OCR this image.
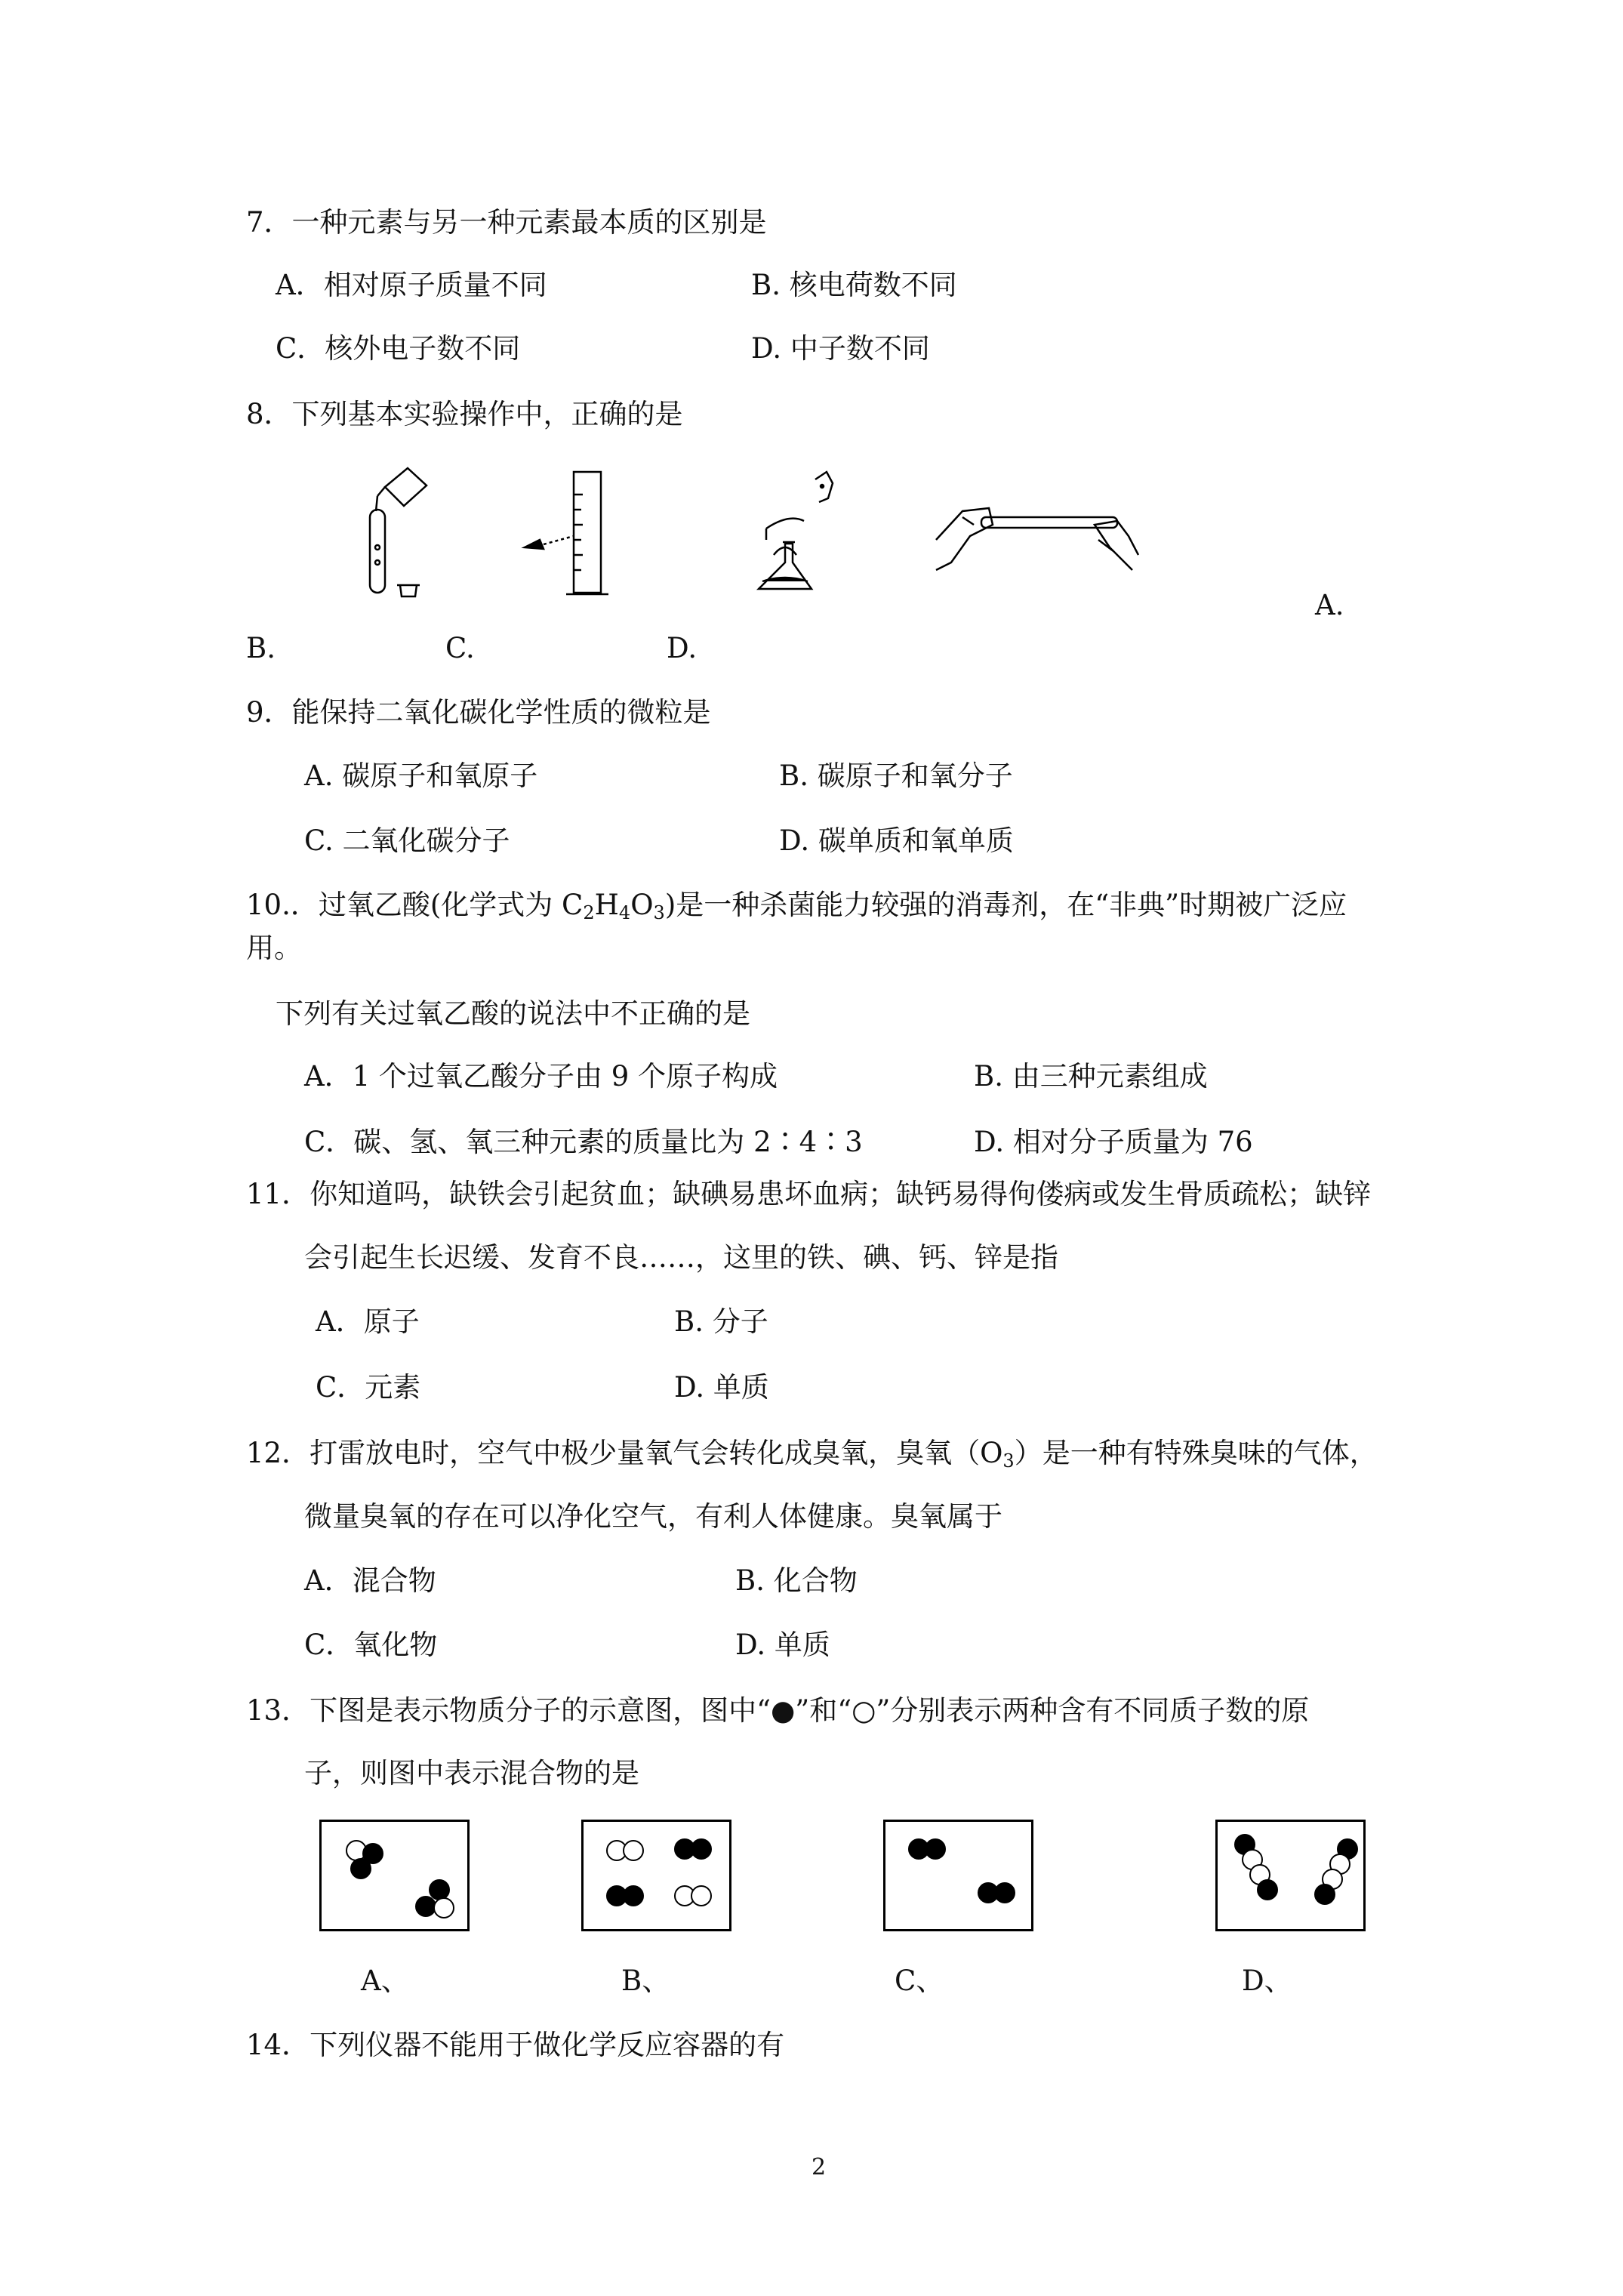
7．一种元素与另一种元素最本质的区别是
A．相对原子质量不同	B. 核电荷数不同
C．核外电子数不同	D. 中子数不同
8．下列基本实验操作中，正确的是
B.	C.	D.
A.
9．能保持二氧化碳化学性质的微粒是
A. 碳原子和氧原子	B. 碳原子和氧分子
C. 二氧化碳分子	D. 碳单质和氧单质
10.．过氧乙酸(化学式为 $C_2H_4O_3$)是一种杀菌能力较强的消毒剂，在“非典”时期被广泛应
用。
下列有关过氧乙酸的说法中不正确的是
A．1 个过氧乙酸分子由 9 个原子构成	B. 由三种元素组成
C．碳、氢、氧三种元素的质量比为 2∶4∶3	D. 相对分子质量为 76
11．你知道吗，缺铁会引起贫血；缺碘易患坏血病；缺钙易得佝偻病或发生骨质疏松；缺锌
会引起生长迟缓、发育不良……，这里的铁、碘、钙、锌是指
A．原子	B. 分子
C．元素	D. 单质
12．打雷放电时，空气中极少量氧气会转化成臭氧，臭氧$(O_3)$是一种有特殊臭味的气体，
微量臭氧的存在可以净化空气，有利人体健康。臭氧属于
A．混合物	B. 化合物
C．氧化物	D. 单质
13．下图是表示物质分子的示意图，图中“●”和“○”分别表示两种含有不同质子数的原
子，则图中表示混合物的是
A、	B、	C、	D、
14．下列仪器不能用于做化学反应容器的有
2
